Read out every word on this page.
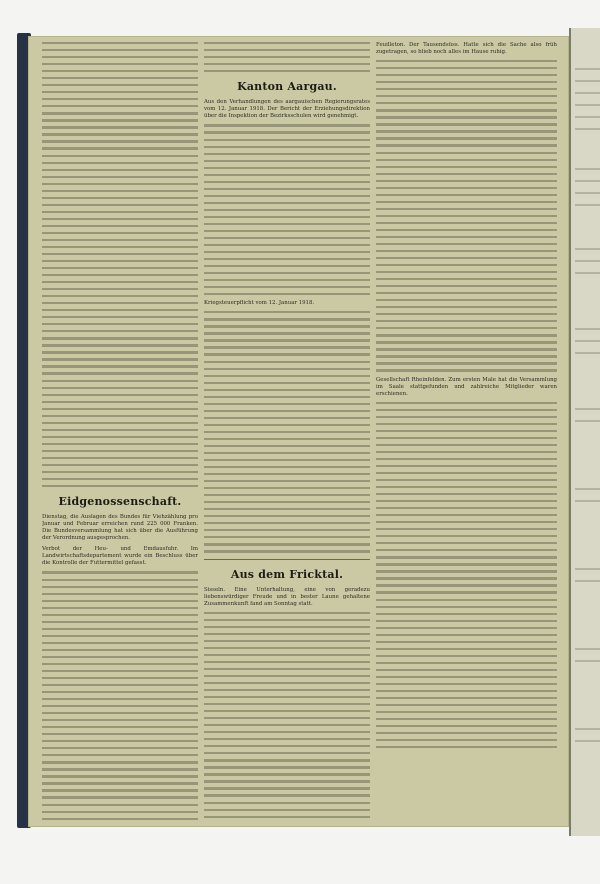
Eidgenossenschaft.

Dienstag, die Auslagen des Bundes für Viehzählung pro Januar und Februar erreichen rund 225 000 Franken. Die Bundesversammlung hat sich über die Ausführung der Verordnung ausgesprochen.

Verbot der Heu- und Emdausfuhr. Im Landwirtschaftsdepartement wurde ein Beschluss über die Kontrolle der Futtermittel gefasst.

Kanton Aargau.

Aus den Verhandlungen des aargauischen Regierungsrates vom 12. Januar 1918. Der Bericht der Erziehungsdirektion über die Inspektion der Bezirksschulen wird genehmigt.

Kriegsteuerpflicht vom 12. Januar 1918.

Aus dem Fricktal.

Sisseln. Eine Unterhaltung, eine von geradezu liebenswürdiger Freude und in bester Laune gehaltene Zusammenkunft fand am Sonntag statt.

Feuilleton. Der Tausendsüss. Hatte sich die Sache also früh zugetragen, so blieb noch alles im Hause ruhig.

Gesellschaft Rheinfelden. Zum ersten Male hat die Versammlung im Saale stattgefunden und zahlreiche Mitglieder waren erschienen.
